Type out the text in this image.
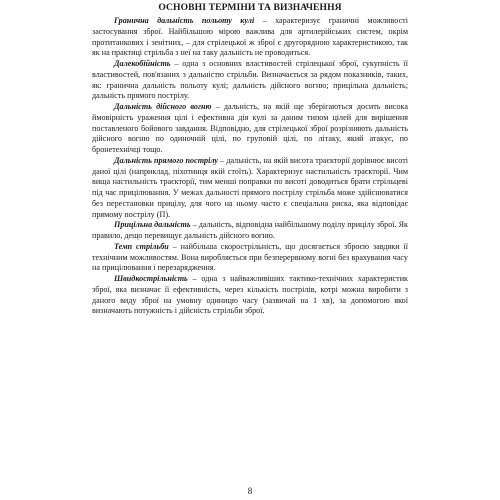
ОСНОВНІ ТЕРМІНИ ТА ВИЗНАЧЕННЯ

Гранична дальність польоту кулі – характеризує граничні можливості застосування зброї. Найбільшою мірою важлива для артилерійських систем, окрім протитанкових і зенітних, – для стрілецької ж зброї є другорядною характеристикою, так як на практиці стрільба з неї на таку дальність не проводиться.

Далекобійність – одна з основних властивостей стрілецької зброї, сукупність її властивостей, пов'язаних з дальністю стрільби. Визначається за рядом показників, таких, як: гранична дальність польоту кулі; дальність дійсного вогню; прицільна дальність; дальність прямого пострілу.

Дальність дійсного вогню – дальність, на якій ще зберігаються досить висока ймовірність ураження цілі і ефективна дія кулі за даним типом цілей для вирішення поставленого бойового завдання. Відповідно, для стрілецької зброї розрізняють дальність дійсного вогню по одиночній цілі, по груповій цілі, по літаку, який атакує, по бронетехнічці тощо.

Дальність прямого пострілу – дальність, на якій висота траєкторії дорівнює висоті даної цілі (наприклад, піхотинця якій стоїть). Характеризує настильність траєкторії. Чим вища настильність траєкторії, тим менші поправки по висоті доводиться брати стрільцеві під час прицілювання. У межах дальності прямого пострілу стрільба може здійснюватися без перестановки прицілу, для чого на ньому часто є спеціальна риска, яка відповідає прямому пострілу (П).

Прицільна дальність – дальність, відповідна найбільшому поділу прицілу зброї. Як правило, дещо перевищує дальність дійсного вогню.

Темп стрільби – найбільша скорострільність, що досягається зброєю завдяки її технічним можливостям. Вона виробляється при безперервному вогні без врахування часу на прицілювання і перезарядження.

Швидкострільність – одна з найважливіших тактико-технічних характеристик зброї, яка визначає її ефективність, через кількість пострілів, котрі можна виробити з даного виду зброї на умовну одиницю часу (зазвичай на 1 хв), за допомогою якої визначають потужність і дійсність стрільби зброї.

8
